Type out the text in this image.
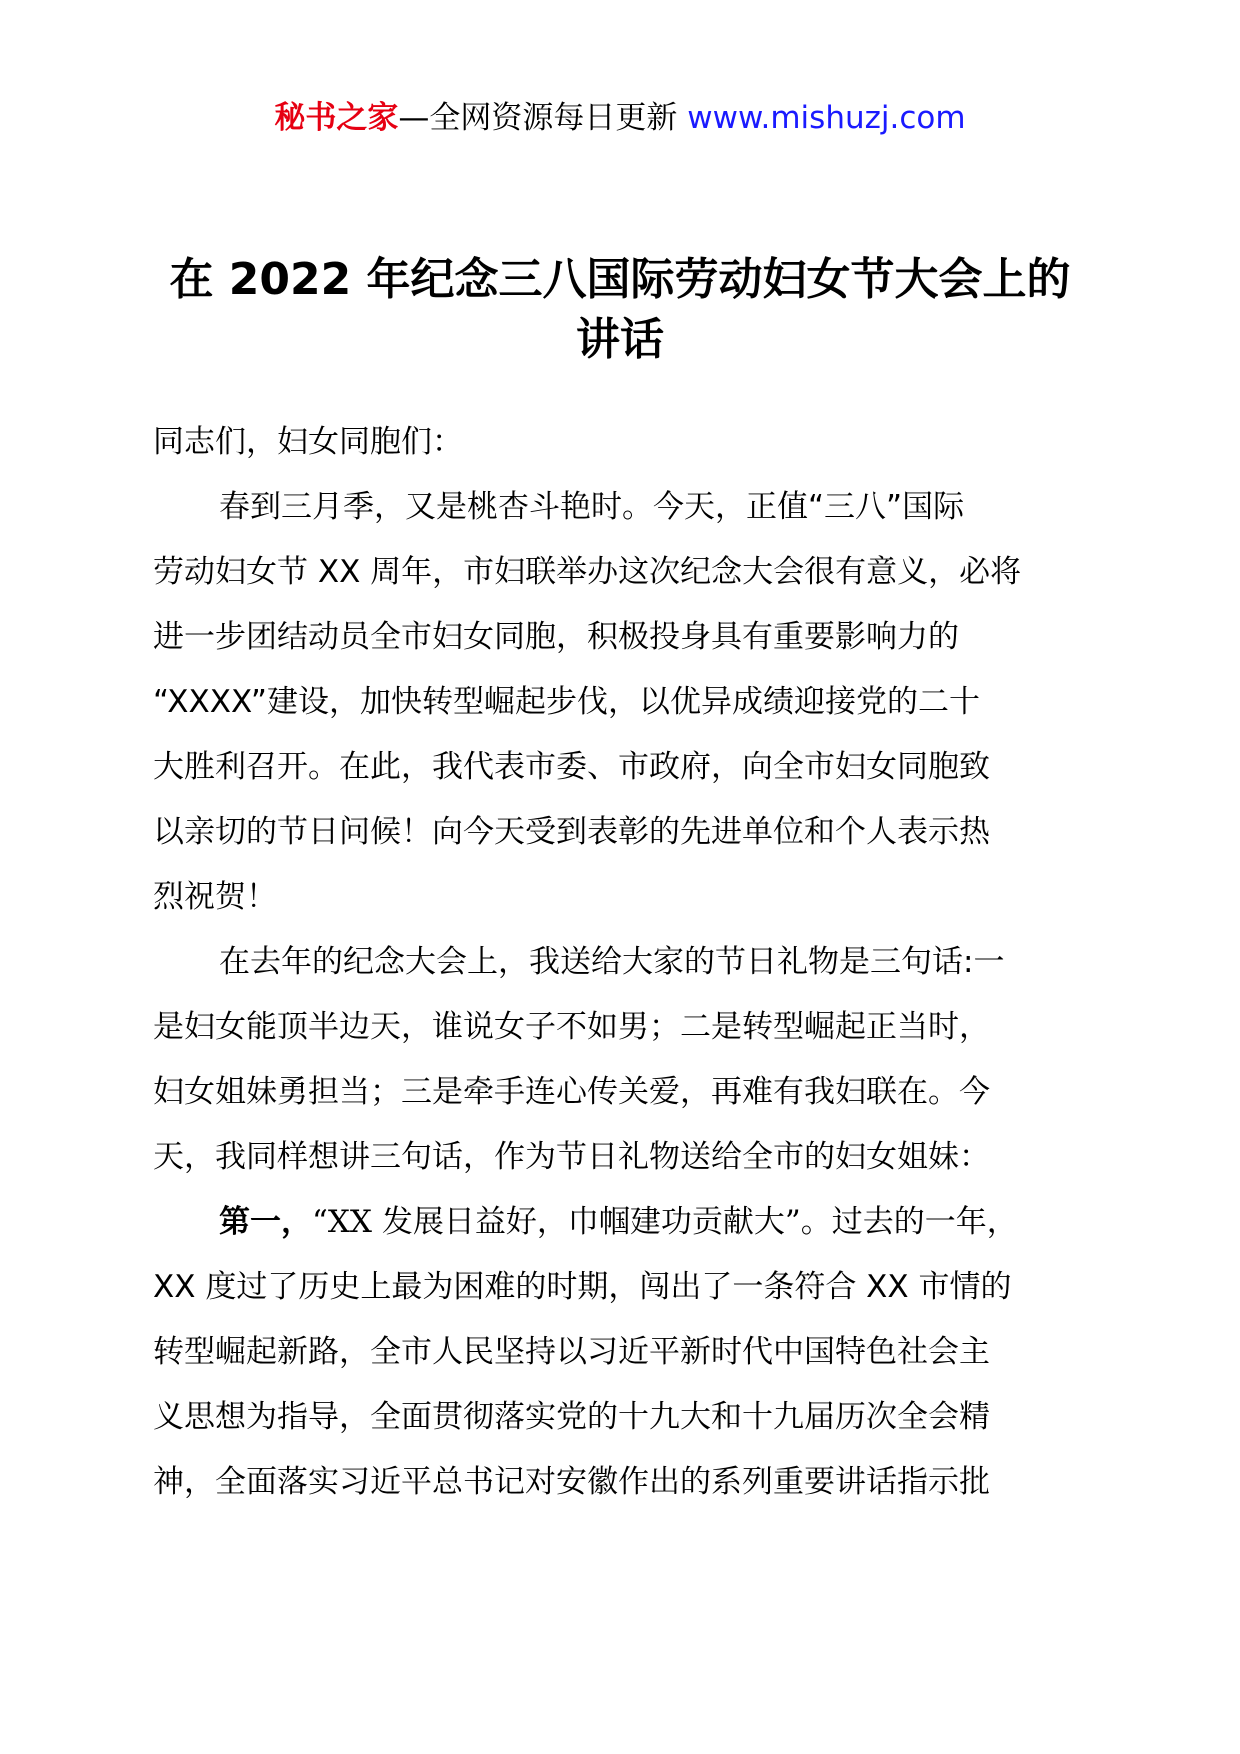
秘书之家—全网资源每日更新 www.mishuzj.com
在 2022 年纪念三八国际劳动妇女节大会上的
讲话
同志们，妇女同胞们：
春到三月季，又是桃杏斗艳时。今天，正值“三八”国际
劳动妇女节 XX 周年，市妇联举办这次纪念大会很有意义，必将
进一步团结动员全市妇女同胞，积极投身具有重要影响力的
“XXXX”建设，加快转型崛起步伐，以优异成绩迎接党的二十
大胜利召开。在此，我代表市委、市政府，向全市妇女同胞致
以亲切的节日问候！向今天受到表彰的先进单位和个人表示热
烈祝贺！
在去年的纪念大会上，我送给大家的节日礼物是三句话:一
是妇女能顶半边天，谁说女子不如男；二是转型崛起正当时，
妇女姐妹勇担当；三是牵手连心传关爱，再难有我妇联在。今
天，我同样想讲三句话，作为节日礼物送给全市的妇女姐妹：
第一，“XX 发展日益好，巾帼建功贡献大”。过去的一年，
XX 度过了历史上最为困难的时期，闯出了一条符合 XX 市情的
转型崛起新路，全市人民坚持以习近平新时代中国特色社会主
义思想为指导，全面贯彻落实党的十九大和十九届历次全会精
神，全面落实习近平总书记对安徽作出的系列重要讲话指示批
